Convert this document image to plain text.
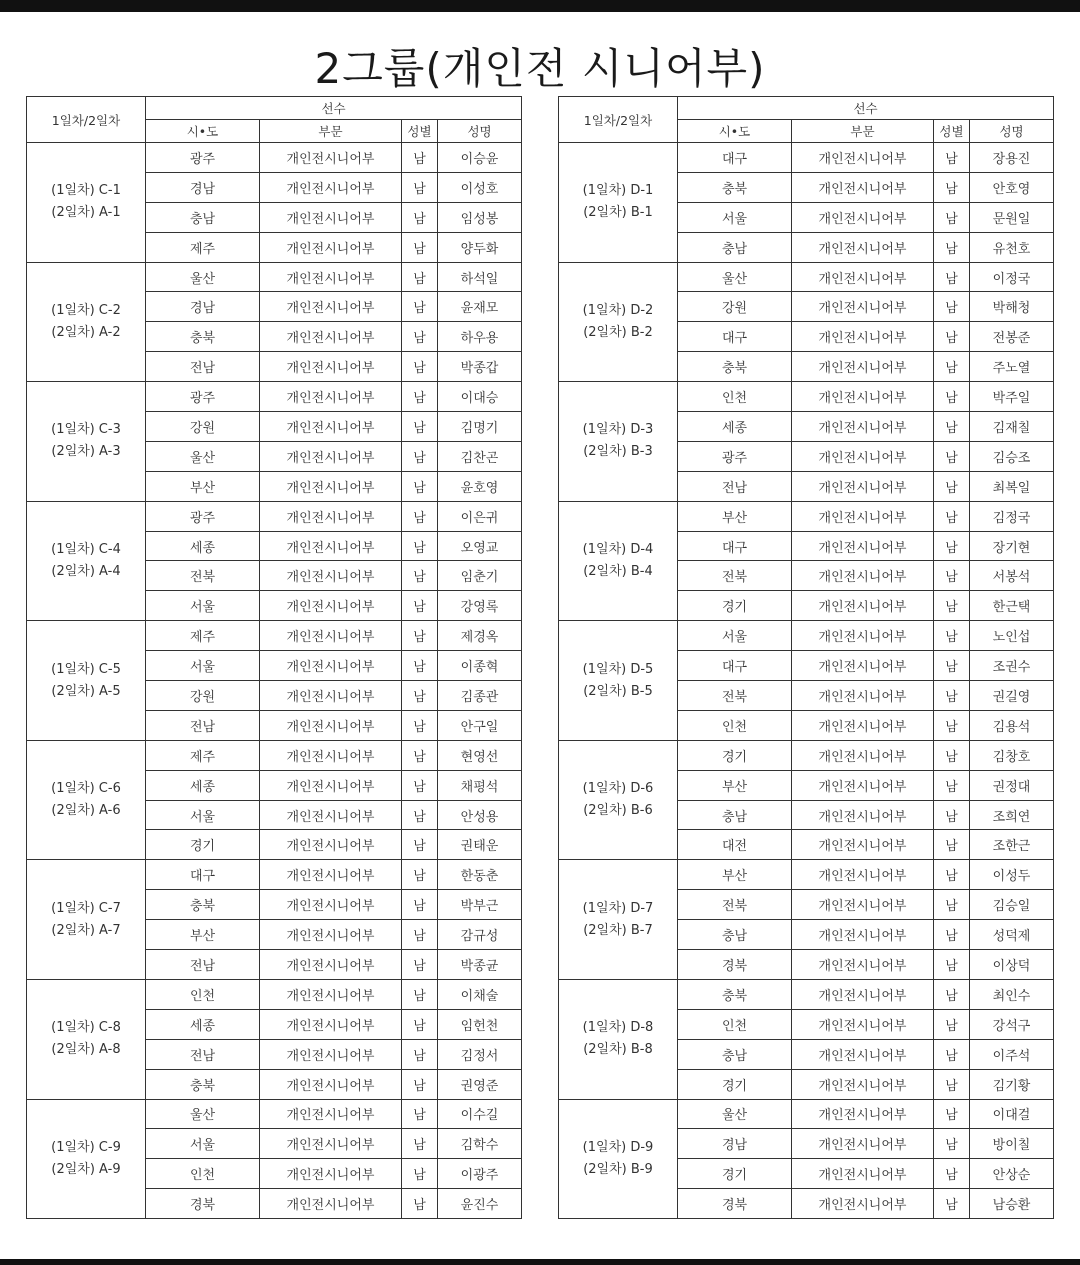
2그룹(개인전 시니어부)
1일차/2일차	선수			
	시•도	부문	성별	성명

(1일차) C-1
(2일차) A-1	광주	개인전시니어부	남	이승윤
	경남	개인전시니어부	남	이성호
	충남	개인전시니어부	남	임성봉
	제주	개인전시니어부	남	양두화

(1일차) C-2
(2일차) A-2	울산	개인전시니어부	남	하석일
	경남	개인전시니어부	남	윤재모
	충북	개인전시니어부	남	하우용
	전남	개인전시니어부	남	박종갑

(1일차) C-3
(2일차) A-3	광주	개인전시니어부	남	이대승
	강원	개인전시니어부	남	김명기
	울산	개인전시니어부	남	김찬곤
	부산	개인전시니어부	남	윤호영

(1일차) C-4
(2일차) A-4	광주	개인전시니어부	남	이은귀
	세종	개인전시니어부	남	오영교
	전북	개인전시니어부	남	임춘기
	서울	개인전시니어부	남	강영록

(1일차) C-5
(2일차) A-5	제주	개인전시니어부	남	제경옥
	서울	개인전시니어부	남	이종혁
	강원	개인전시니어부	남	김종관
	전남	개인전시니어부	남	안구일

(1일차) C-6
(2일차) A-6	제주	개인전시니어부	남	현영선
	세종	개인전시니어부	남	채평석
	서울	개인전시니어부	남	안성용
	경기	개인전시니어부	남	권태운

(1일차) C-7
(2일차) A-7	대구	개인전시니어부	남	한동춘
	충북	개인전시니어부	남	박부근
	부산	개인전시니어부	남	감규성
	전남	개인전시니어부	남	박종균

(1일차) C-8
(2일차) A-8	인천	개인전시니어부	남	이채술
	세종	개인전시니어부	남	임헌천
	전남	개인전시니어부	남	김정서
	충북	개인전시니어부	남	권영준

(1일차) C-9
(2일차) A-9	울산	개인전시니어부	남	이수길
	서울	개인전시니어부	남	김학수
	인천	개인전시니어부	남	이광주
	경북	개인전시니어부	남	윤진수
1일차/2일차	선수			
	시•도	부문	성별	성명

(1일차) D-1
(2일차) B-1	대구	개인전시니어부	남	장용진
	충북	개인전시니어부	남	안호영
	서울	개인전시니어부	남	문원일
	충남	개인전시니어부	남	유천호

(1일차) D-2
(2일차) B-2	울산	개인전시니어부	남	이정국
	강원	개인전시니어부	남	박해청
	대구	개인전시니어부	남	전봉준
	충북	개인전시니어부	남	주노열

(1일차) D-3
(2일차) B-3	인천	개인전시니어부	남	박주일
	세종	개인전시니어부	남	김재칠
	광주	개인전시니어부	남	김승조
	전남	개인전시니어부	남	최복일

(1일차) D-4
(2일차) B-4	부산	개인전시니어부	남	김정국
	대구	개인전시니어부	남	장기현
	전북	개인전시니어부	남	서봉석
	경기	개인전시니어부	남	한근택

(1일차) D-5
(2일차) B-5	서울	개인전시니어부	남	노인섭
	대구	개인전시니어부	남	조권수
	전북	개인전시니어부	남	권길영
	인천	개인전시니어부	남	김용석

(1일차) D-6
(2일차) B-6	경기	개인전시니어부	남	김창호
	부산	개인전시니어부	남	권정대
	충남	개인전시니어부	남	조희연
	대전	개인전시니어부	남	조한근

(1일차) D-7
(2일차) B-7	부산	개인전시니어부	남	이성두
	전북	개인전시니어부	남	김승일
	충남	개인전시니어부	남	성덕제
	경북	개인전시니어부	남	이상덕

(1일차) D-8
(2일차) B-8	충북	개인전시니어부	남	최인수
	인천	개인전시니어부	남	강석구
	충남	개인전시니어부	남	이주석
	경기	개인전시니어부	남	김기황

(1일차) D-9
(2일차) B-9	울산	개인전시니어부	남	이대걸
	경남	개인전시니어부	남	방이칠
	경기	개인전시니어부	남	안상순
	경북	개인전시니어부	남	남승환
